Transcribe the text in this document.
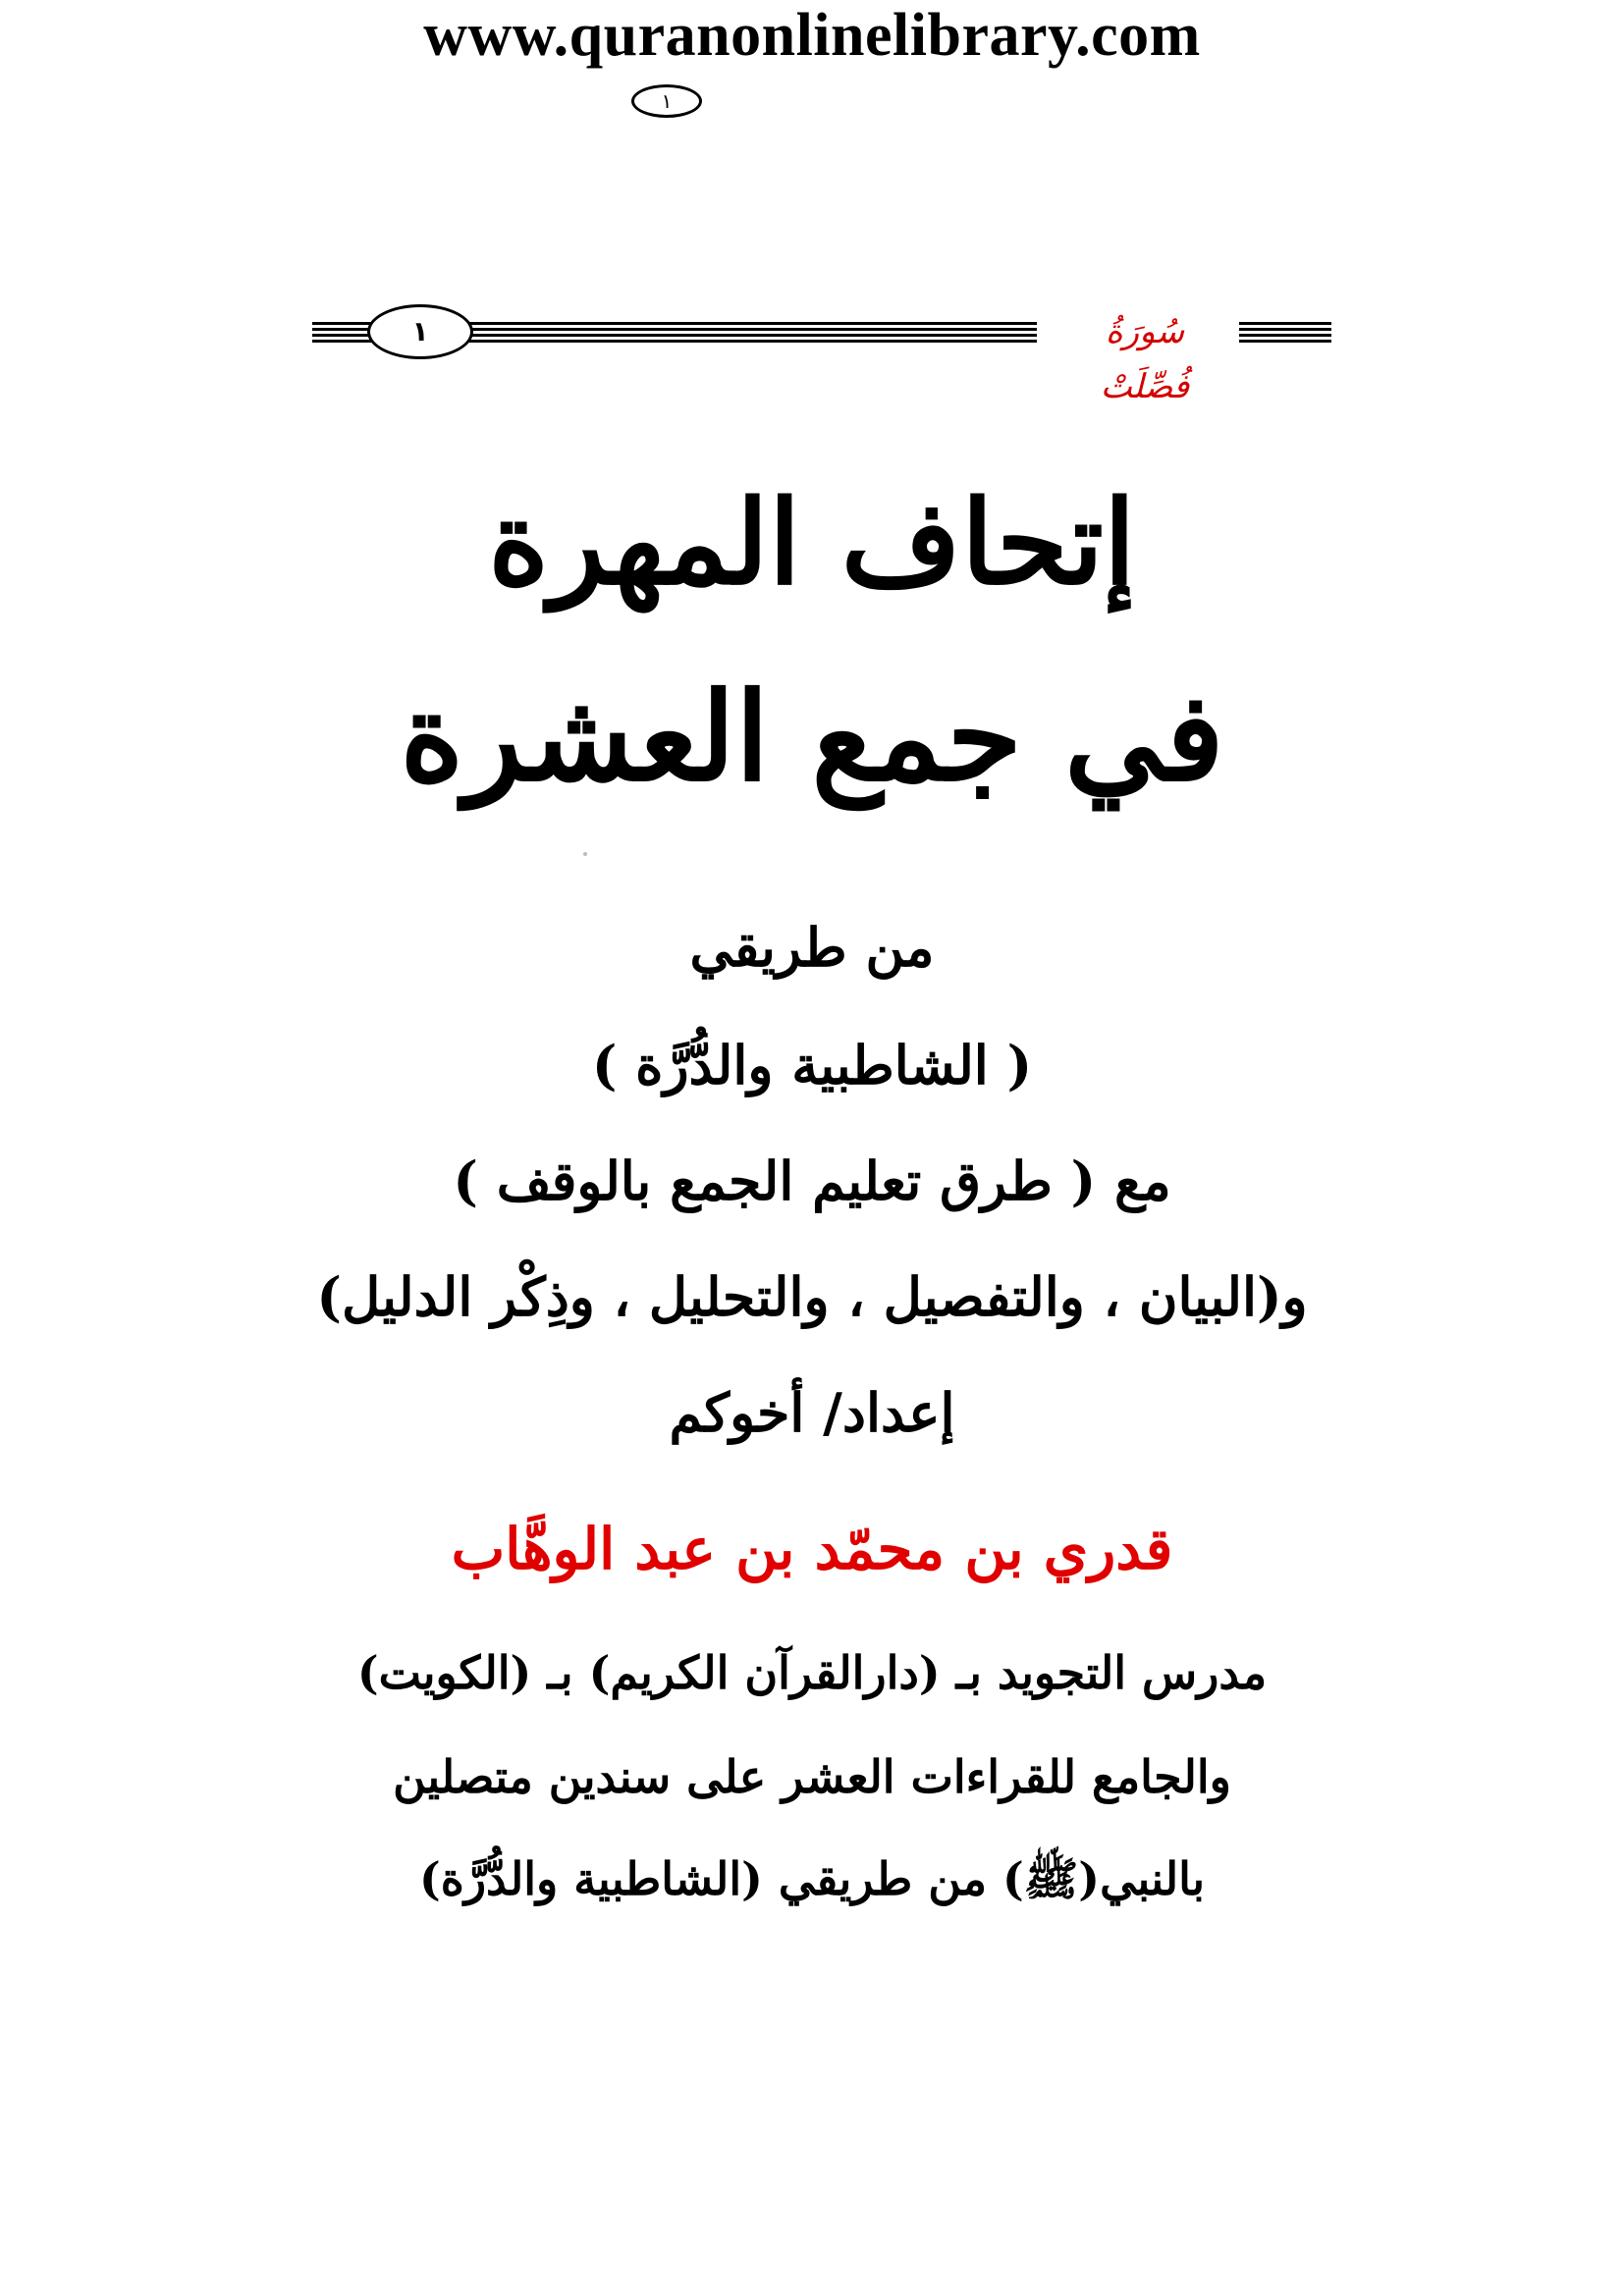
www.quranonlinelibrary.com
١
١	سُورَةُ فُصِّلَتْ
إتحاف المهرة
في جمع العشرة
من طريقي
( الشاطبية والدُّرَّة )
مع ( طرق تعليم الجمع بالوقف )
و(البيان ، والتفصيل ، والتحليل ، وذِكْر الدليل)
إعداد/ أخوكم
قدري بن محمّد بن عبد الوهَّاب
مدرس التجويد بـ (دارالقرآن الكريم) بـ (الكويت)
والجامع للقراءات العشر على سندين متصلين
بالنبي(ﷺ) من طريقي (الشاطبية والدُّرَّة)
